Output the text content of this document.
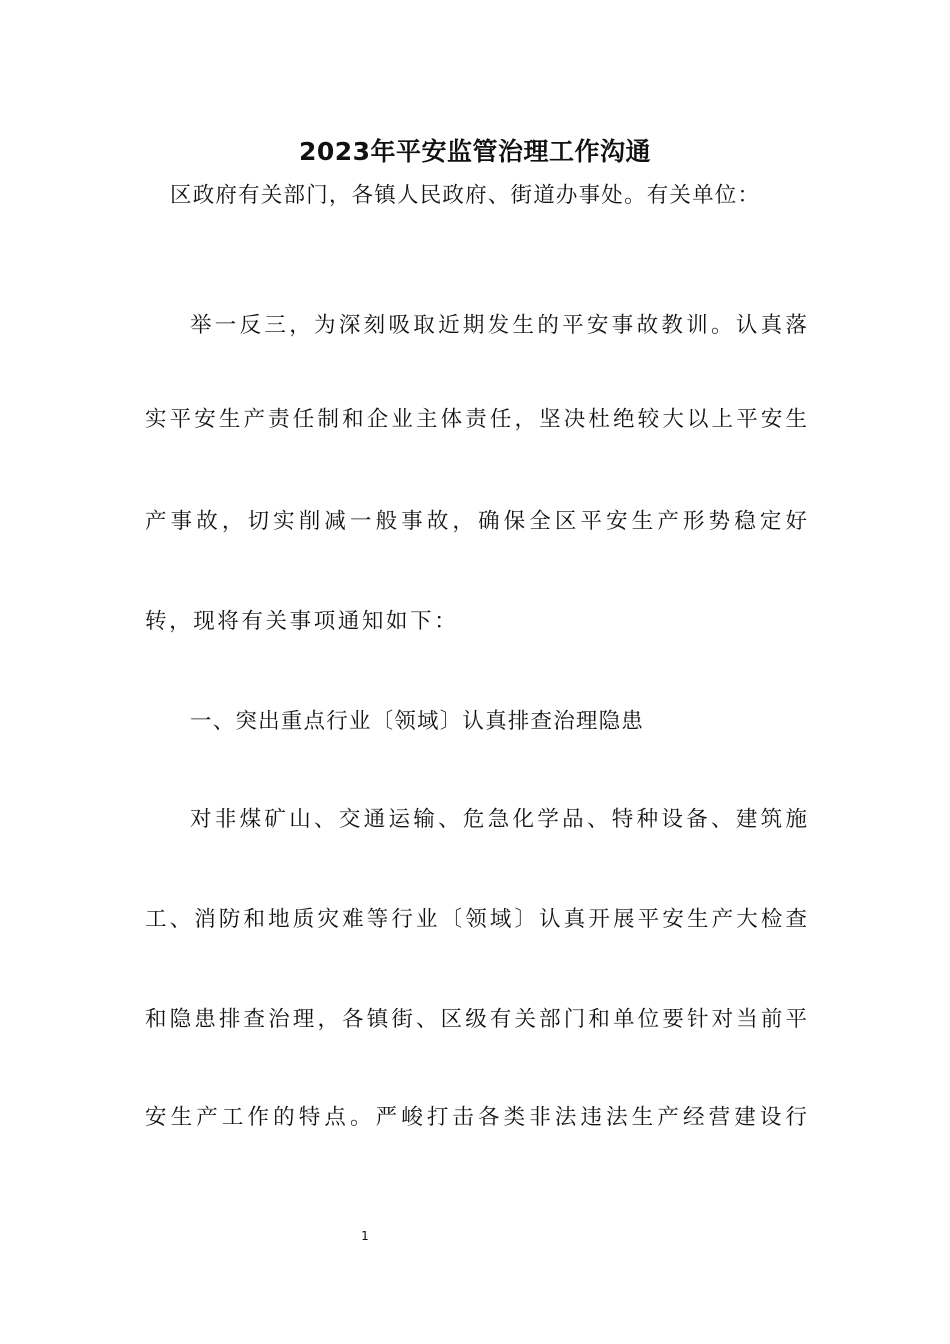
2023年平安监管治理工作沟通

区政府有关部门，各镇人民政府、街道办事处。有关单位：

举一反三，为深刻吸取近期发生的平安事故教训。认真落

实平安生产责任制和企业主体责任，坚决杜绝较大以上平安生

产事故，切实削减一般事故，确保全区平安生产形势稳定好

转，现将有关事项通知如下：

一、突出重点行业〔领域〕认真排查治理隐患

对非煤矿山、交通运输、危急化学品、特种设备、建筑施

工、消防和地质灾难等行业〔领域〕认真开展平安生产大检查

和隐患排查治理，各镇街、区级有关部门和单位要针对当前平

安生产工作的特点。严峻打击各类非法违法生产经营建设行

1
